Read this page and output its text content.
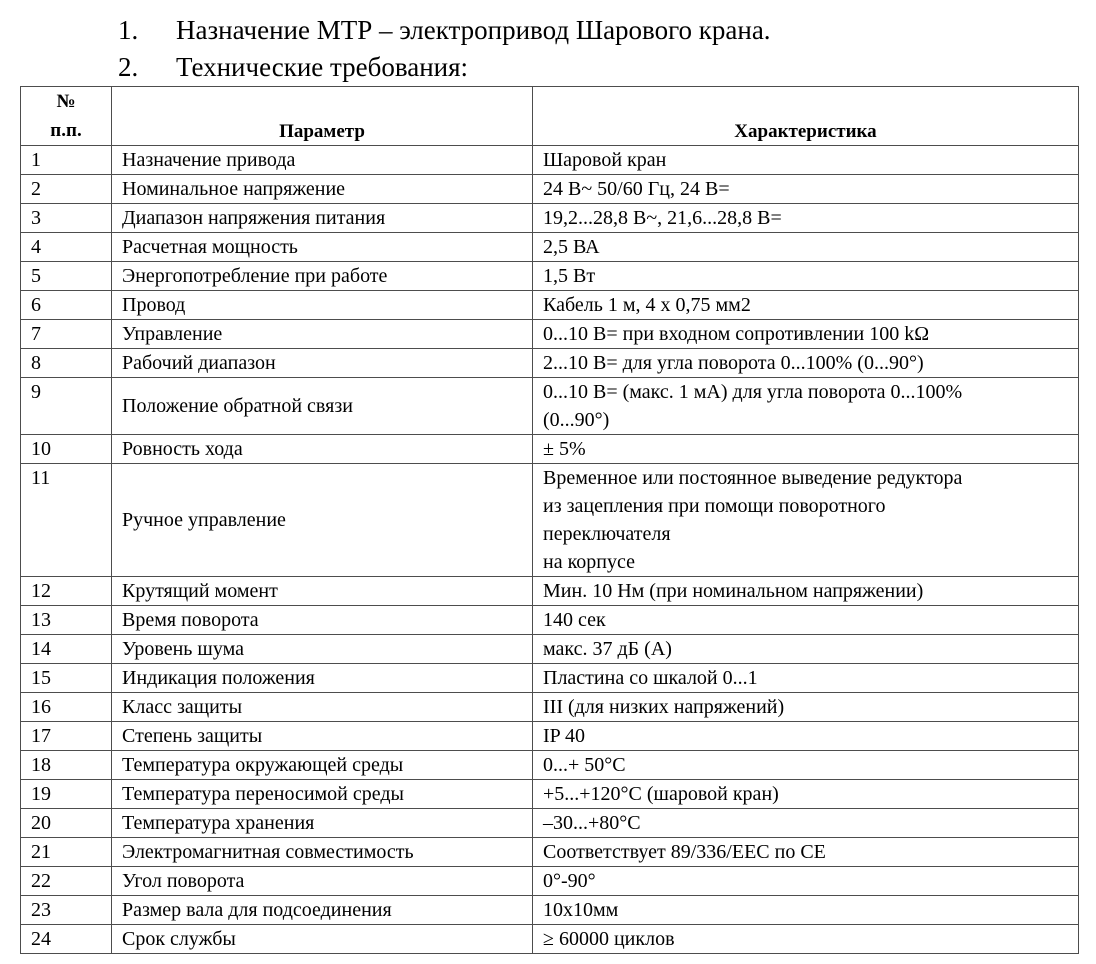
1. Назначение МТР – электропривод Шарового крана.
2. Технические требования:
№
п.п.	Параметр	Характеристика
1	Назначение привода	Шаровой кран

2	Номинальное напряжение	24 В~ 50/60 Гц, 24 В=

3	Диапазон напряжения питания	19,2...28,8 В~, 21,6...28,8 В=

4	Расчетная мощность	2,5 ВА

5	Энергопотребление при работе	1,5 Вт

6	Провод	Кабель 1 м, 4 x 0,75 мм2

7	Управление	0...10 В= при входном сопротивлении 100 kΩ

8	Рабочий диапазон	2...10 В= для угла поворота 0...100% (0...90°)

9	Положение обратной связи	0...10 В= (макс. 1 мА) для угла поворота 0...100%
(0...90°)

10	Ровность хода	± 5%

11	Ручное управление	Временное или постоянное выведение редуктора
из зацепления при помощи поворотного
переключателя
на корпусе

12	Крутящий момент	Мин. 10 Нм (при номинальном напряжении)

13	Время поворота	140 сек

14	Уровень шума	макс. 37 дБ (А)

15	Индикация положения	Пластина со шкалой 0...1

16	Класс защиты	III (для низких напряжений)

17	Степень защиты	IP 40

18	Температура окружающей среды	0...+ 50°C

19	Температура переносимой среды	+5...+120°C (шаровой кран)

20	Температура хранения	–30...+80°C

21	Электромагнитная совместимость	Соответствует 89/336/EEC по CE

22	Угол поворота	0°-90°

23	Размер вала для подсоединения	10x10мм

24	Срок службы	≥ 60000 циклов
